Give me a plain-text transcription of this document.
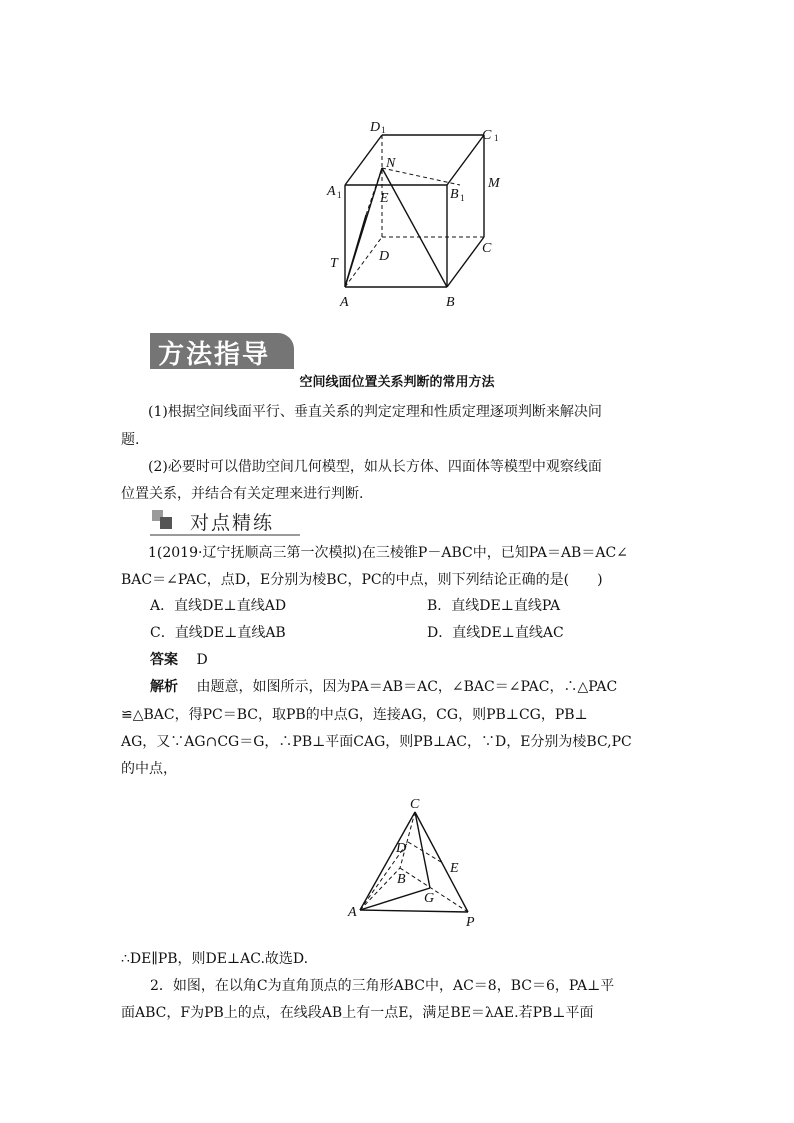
D 1	C 1
A 1	B 1
N
M
E
T	D
C
A	B
方法指导
空间线面位置关系判断的常用方法
(1)根据空间线面平行、垂直关系的判定定理和性质定理逐项判断来解决问
题.
(2)必要时可以借助空间几何模型，如从长方体、四面体等模型中观察线面
位置关系，并结合有关定理来进行判断.
对点精练
1(2019·辽宁抚顺高三第一次模拟)在三棱锥P－ABC中，已知PA＝AB＝AC∠
BAC＝∠PAC，点D，E分别为棱BC，PC的中点，则下列结论正确的是(　　)
A．直线DE⊥直线AD	B．直线DE⊥直线PA
C．直线DE⊥直线AB	D．直线DE⊥直线AC
答案 D
解析 由题意，如图所示，因为PA＝AB＝AC，∠BAC＝∠PAC，∴△PAC
≌△BAC，得PC＝BC，取PB的中点G，连接AG，CG，则PB⊥CG，PB⊥
AG，又∵AG∩CG＝G，∴PB⊥平面CAG，则PB⊥AC，∵D，E分别为棱BC,PC
的中点，
C
D
E
B
G
A
P
∴DE∥PB，则DE⊥AC.故选D.
2．如图，在以角C为直角顶点的三角形ABC中，AC＝8，BC＝6，PA⊥平
面ABC，F为PB上的点，在线段AB上有一点E，满足BE＝λAE.若PB⊥平面
